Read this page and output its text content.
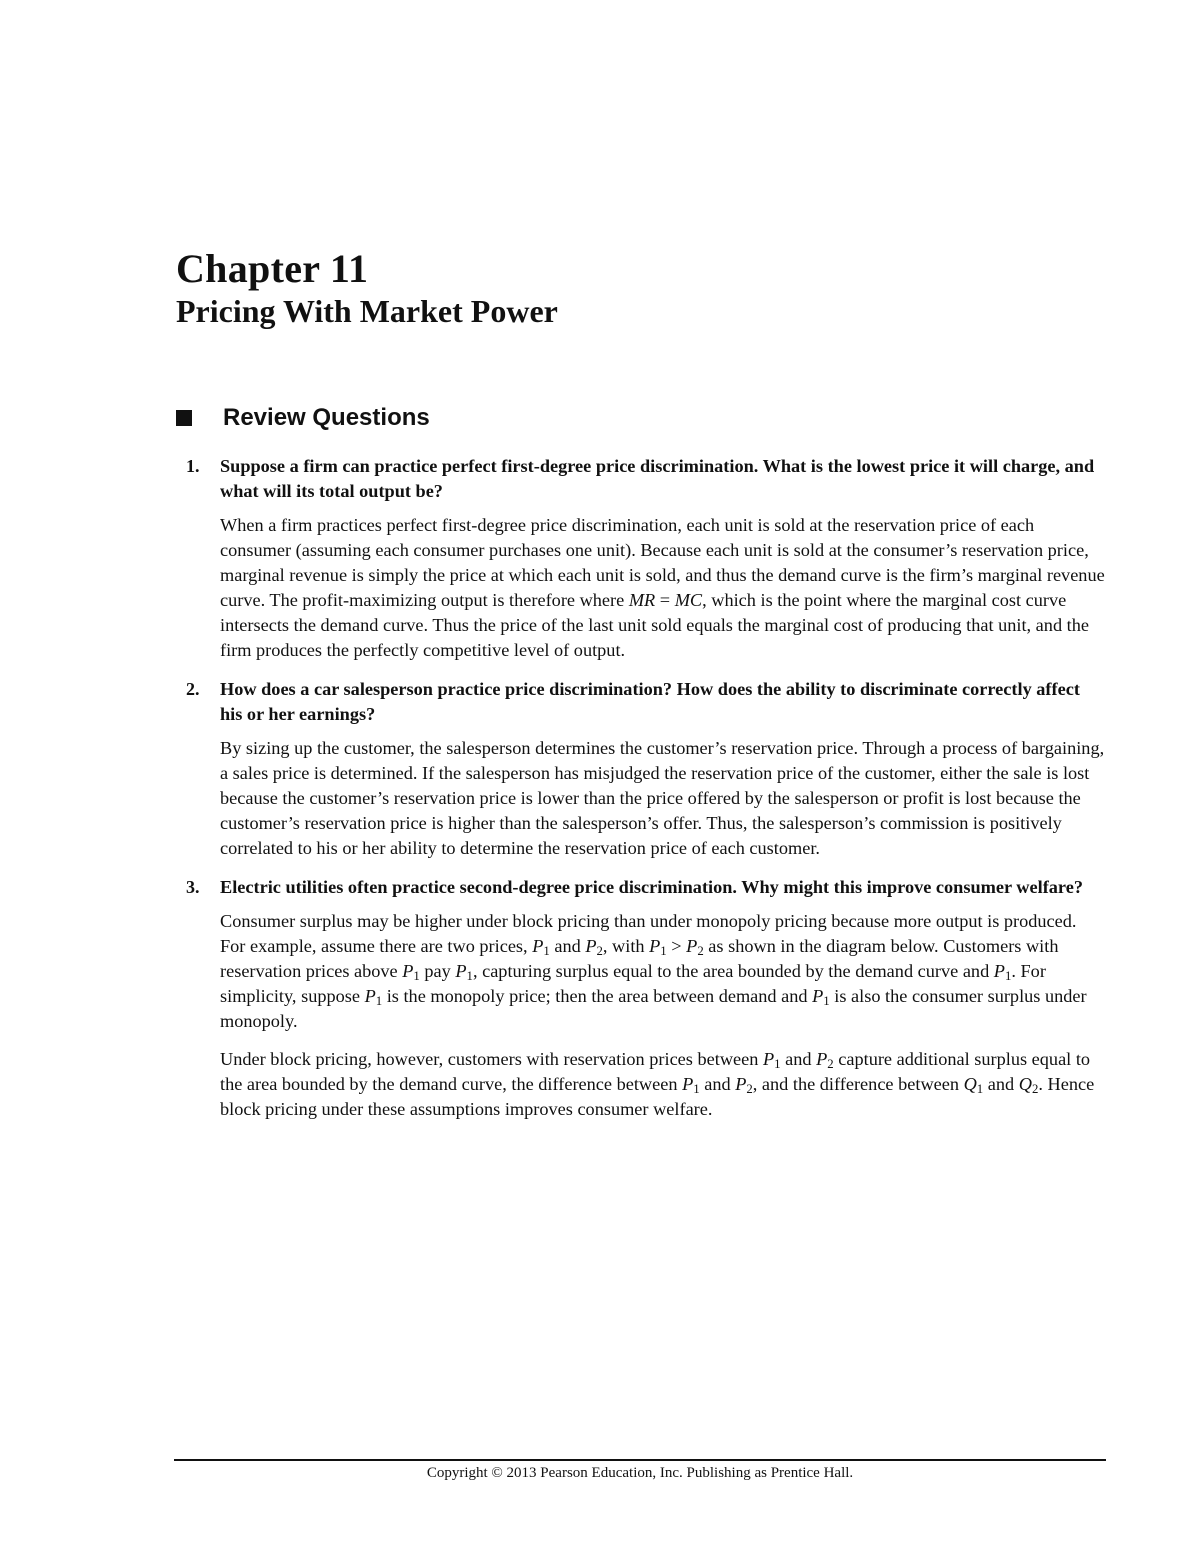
Chapter 11
Pricing With Market Power
Review Questions
1. Suppose a firm can practice perfect first-degree price discrimination. What is the lowest price it will charge, and what will its total output be?

When a firm practices perfect first-degree price discrimination, each unit is sold at the reservation price of each consumer (assuming each consumer purchases one unit). Because each unit is sold at the consumer’s reservation price, marginal revenue is simply the price at which each unit is sold, and thus the demand curve is the firm’s marginal revenue curve. The profit-maximizing output is therefore where MR = MC, which is the point where the marginal cost curve intersects the demand curve. Thus the price of the last unit sold equals the marginal cost of producing that unit, and the firm produces the perfectly competitive level of output.

2. How does a car salesperson practice price discrimination? How does the ability to discriminate correctly affect his or her earnings?

By sizing up the customer, the salesperson determines the customer’s reservation price. Through a process of bargaining, a sales price is determined. If the salesperson has misjudged the reservation price of the customer, either the sale is lost because the customer’s reservation price is lower than the price offered by the salesperson or profit is lost because the customer’s reservation price is higher than the salesperson’s offer. Thus, the salesperson’s commission is positively correlated to his or her ability to determine the reservation price of each customer.

3. Electric utilities often practice second-degree price discrimination. Why might this improve consumer welfare?

Consumer surplus may be higher under block pricing than under monopoly pricing because more output is produced. For example, assume there are two prices, $P_1$ and $P_2$, with $P_1 > P_2$ as shown in the diagram below. Customers with reservation prices above $P_1$ pay $P_1$, capturing surplus equal to the area bounded by the demand curve and $P_1$. For simplicity, suppose $P_1$ is the monopoly price; then the area between demand and $P_1$ is also the consumer surplus under monopoly.

Under block pricing, however, customers with reservation prices between $P_1$ and $P_2$ capture additional surplus equal to the area bounded by the demand curve, the difference between $P_1$ and $P_2$, and the difference between $Q_1$ and $Q_2$. Hence block pricing under these assumptions improves consumer welfare.

Copyright © 2013 Pearson Education, Inc. Publishing as Prentice Hall.
